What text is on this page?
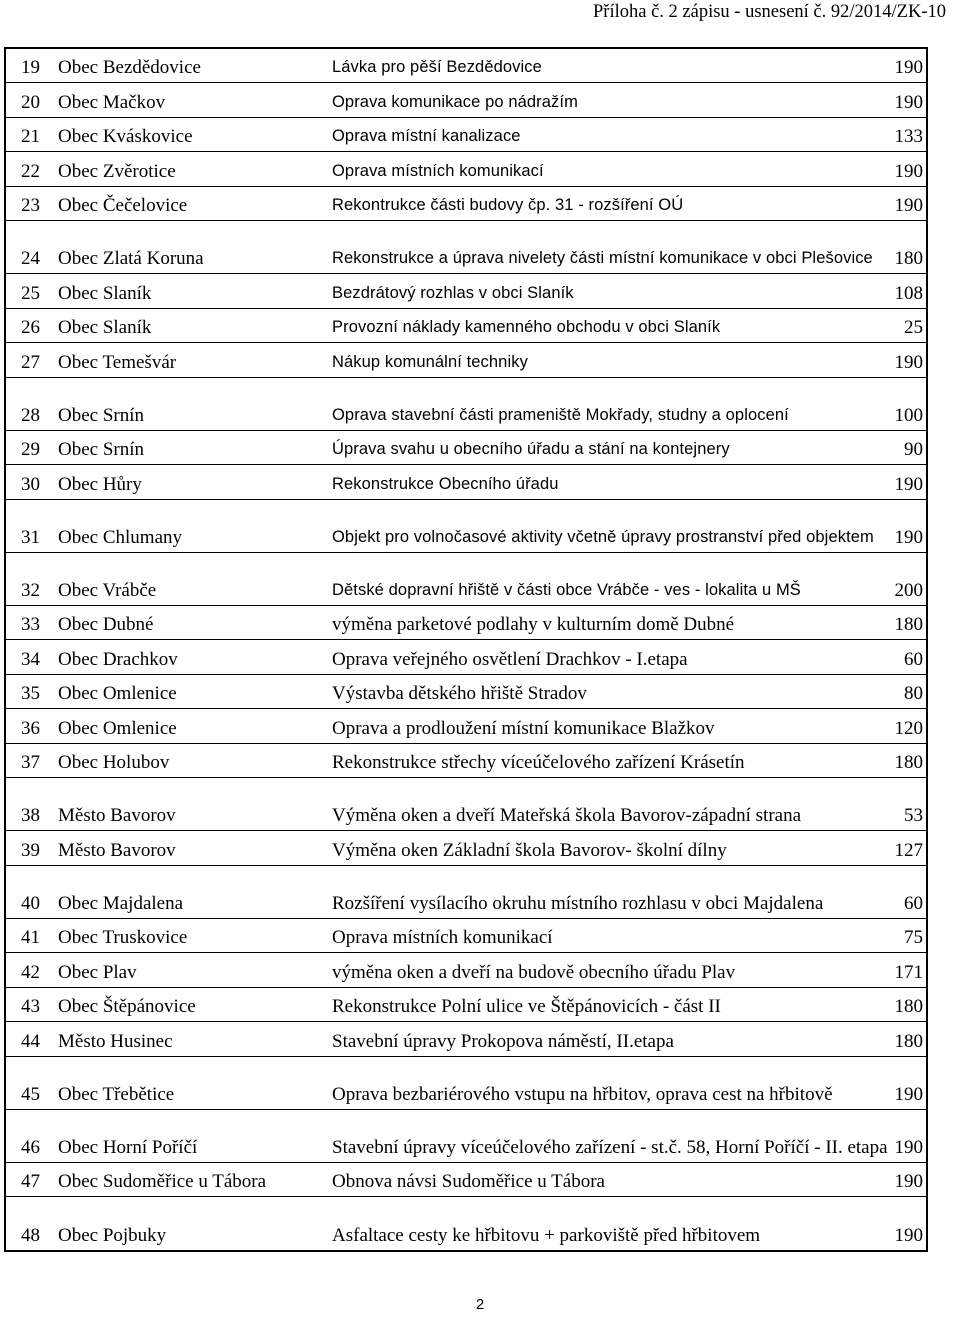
Příloha č. 2 zápisu - usnesení č. 92/2014/ZK-10
19	Obec Bezdědovice	Lávka pro pěší Bezdědovice	190
20	Obec Mačkov	Oprava komunikace po nádražím	190
21	Obec Kváskovice	Oprava místní kanalizace	133
22	Obec Zvěrotice	Oprava místních komunikací	190
23	Obec Čečelovice	Rekontrukce části budovy čp. 31 - rozšíření OÚ	190
24	Obec Zlatá Koruna	Rekonstrukce a úprava nivelety části místní komunikace v obci Plešovice	180
25	Obec Slaník	Bezdrátový rozhlas v obci Slaník	108
26	Obec Slaník	Provozní náklady kamenného obchodu v obci Slaník	25
27	Obec Temešvár	Nákup komunální techniky	190
28	Obec Srnín	Oprava stavební části prameniště Mokřady, studny a oplocení	100
29	Obec Srnín	Úprava svahu u obecního úřadu a stání na kontejnery	90
30	Obec Hůry	Rekonstrukce Obecního úřadu	190
31	Obec Chlumany	Objekt pro volnočasové aktivity včetně úpravy prostranství před objektem	190
32	Obec Vrábče	Dětské dopravní hřiště v části obce Vrábče - ves - lokalita u MŠ	200
33	Obec Dubné	výměna parketové podlahy v kulturním domě Dubné	180
34	Obec Drachkov	Oprava veřejného osvětlení Drachkov - I.etapa	60
35	Obec Omlenice	Výstavba dětského hřiště Stradov	80
36	Obec Omlenice	Oprava a prodloužení místní komunikace Blažkov	120
37	Obec Holubov	Rekonstrukce střechy víceúčelového zařízení Krásetín	180
38	Město Bavorov	Výměna oken a dveří Mateřská škola Bavorov-západní strana	53
39	Město Bavorov	Výměna oken Základní škola Bavorov- školní dílny	127
40	Obec Majdalena	Rozšíření vysílacího okruhu místního rozhlasu v obci Majdalena	60
41	Obec Truskovice	Oprava místních komunikací	75
42	Obec Plav	výměna oken a dveří na budově obecního úřadu Plav	171
43	Obec Štěpánovice	Rekonstrukce Polní ulice ve Štěpánovicích - část II	180
44	Město Husinec	Stavební úpravy Prokopova náměstí, II.etapa	180
45	Obec Třebětice	Oprava bezbariérového vstupu na hřbitov, oprava cest na hřbitově	190
46	Obec Horní Poříčí	Stavební úpravy víceúčelového zařízení - st.č. 58, Horní Poříčí - II. etapa	190
47	Obec Sudoměřice u Tábora	Obnova návsi Sudoměřice u Tábora	190
48	Obec Pojbuky	Asfaltace cesty ke hřbitovu + parkoviště před hřbitovem	190
2
